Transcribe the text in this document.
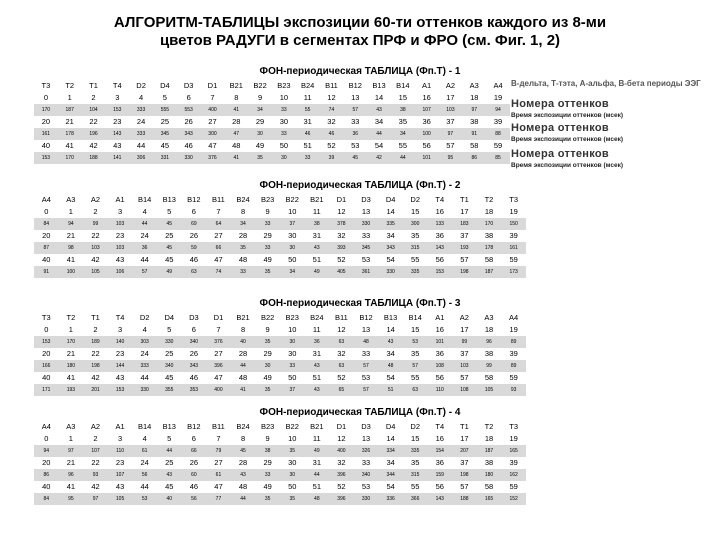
АЛГОРИТМ-ТАБЛИЦЫ экспозиции 60-ти оттенков каждого из 8-ми
цветов РАДУГИ в сегментах ПРФ и ФРО (см. Фиг. 1, 2)
ФОН-периодическая ТАБЛИЦА (Фп.Т) - 1
ФОН-периодическая ТАБЛИЦА (Фп.Т) - 2
ФОН-периодическая ТАБЛИЦА (Фп.Т) - 3
ФОН-периодическая ТАБЛИЦА (Фп.Т) - 4
Т3	Т2	Т1	Т4	D2	D4	D3	D1	В21	В22	В23	В24	В11	В12	В13	В14	А1	А2	А3	А4
0	1	2	3	4	5	6	7	8	9	10	11	12	13	14	15	16	17	18	19
170	187	104	153	333	555	553	400	41	34	33	55	74	57	43	38	107	103	97	94
20	21	22	23	24	25	26	27	28	29	30	31	32	33	34	35	36	37	38	39
161	178	196	143	333	345	343	300	47	30	33	46	46	36	44	34	100	97	91	88
40	41	42	43	44	45	46	47	48	49	50	51	52	53	54	55	56	57	58	59
153	170	188	141	306	331	330	376	41	35	30	33	39	45	42	44	101	95	86	85
А4	А3	А2	А1	В14	В13	В12	В11	В24	В23	В22	В21	D1	D3	D4	D2	Т4	Т1	Т2	Т3
0	1	2	3	4	5	6	7	8	9	10	11	12	13	14	15	16	17	18	19
84	94	99	103	44	45	69	64	34	33	37	38	378	330	335	300	133	183	170	150
20	21	22	23	24	25	26	27	28	29	30	31	32	33	34	35	36	37	38	39
87	98	103	103	36	45	59	66	35	33	30	43	393	345	343	315	143	193	178	161
40	41	42	43	44	45	46	47	48	49	50	51	52	53	54	55	56	57	58	59
91	100	105	106	57	49	63	74	33	35	34	49	405	361	330	335	153	198	187	173
Т3	Т2	Т1	Т4	D2	D4	D3	D1	В21	В22	В23	В24	В11	В12	В13	В14	А1	А2	А3	А4
0	1	2	3	4	5	6	7	8	9	10	11	12	13	14	15	16	17	18	19
153	170	189	140	303	330	340	376	40	35	30	36	63	48	43	53	101	99	96	89
20	21	22	23	24	25	26	27	28	29	30	31	32	33	34	35	36	37	38	39
166	180	198	144	333	340	343	396	44	30	33	43	63	57	48	57	108	103	99	89
40	41	42	43	44	45	46	47	48	49	50	51	52	53	54	55	56	57	58	59
171	193	201	153	330	355	353	400	41	35	37	43	65	57	51	63	110	108	105	93
А4	А3	А2	А1	В14	В13	В12	В11	В24	В23	В22	В21	D1	D3	D4	D2	Т4	Т1	Т2	Т3
0	1	2	3	4	5	6	7	8	9	10	11	12	13	14	15	16	17	18	19
94	97	107	110	61	44	66	79	45	38	35	49	400	326	334	335	154	207	187	165
20	21	22	23	24	25	26	27	28	29	30	31	32	33	34	35	36	37	38	39
86	96	93	107	56	43	60	61	43	33	30	44	396	340	344	315	159	198	180	162
40	41	42	43	44	45	46	47	48	49	50	51	52	53	54	55	56	57	58	59
84	95	97	105	53	40	56	77	44	35	35	48	396	330	336	366	143	188	165	152
В-дельта, Т-тэта, А-альфа, В-бета периоды ЭЭГ
Номера оттенков
Время экспозиции оттенков (мсек)
Номера оттенков
Время экспозиции оттенков (мсек)
Номера оттенков
Время экспозиции оттенков (мсек)
